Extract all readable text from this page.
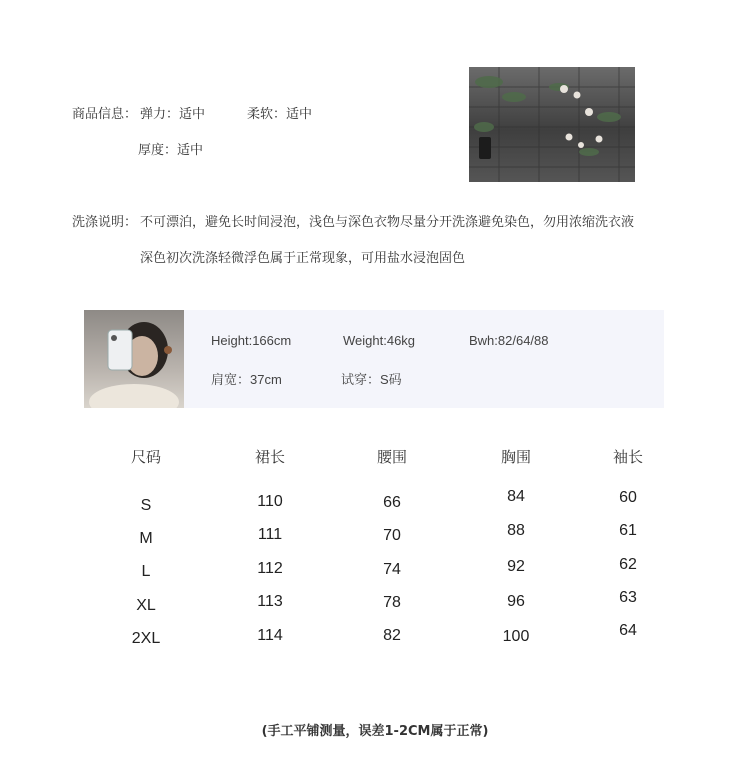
商品信息： 弹力：适中	柔软：适中
厚度：适中
洗涤说明： 不可漂泊，避免长时间浸泡，浅色与深色衣物尽量分开洗涤避免染色，勿用浓缩洗衣液
深色初次洗涤轻微浮色属于正常现象，可用盐水浸泡固色
Height:166cm	Weight:46kg	Bwh:82/64/88
肩宽：37cm	试穿：S码
尺码	裙长	腰围	胸围	袖长
S	110	66	84	60
M	111	70	88	61
L	112	74	92	62
XL	113	78	96	63
2XL	114	82	100	64
(手工平铺测量，误差1-2CM属于正常)
